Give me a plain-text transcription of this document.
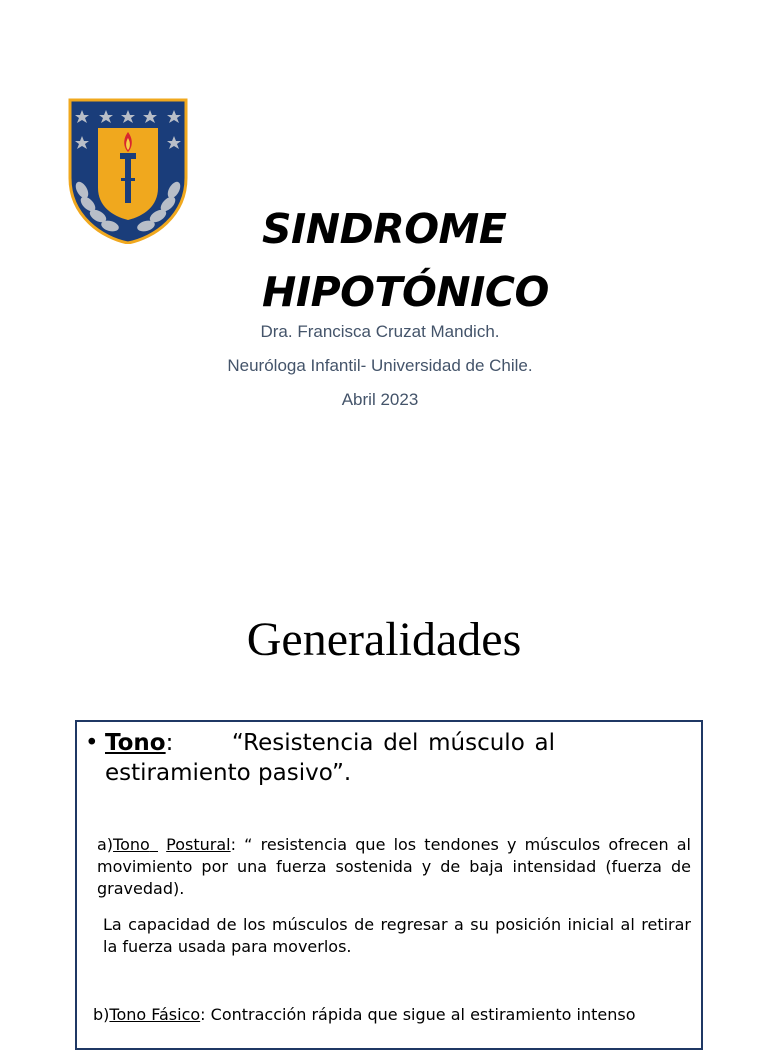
SINDROME
HIPOTÓNICO
Dra. Francisca Cruzat Mandich.
Neuróloga Infantil- Universidad de Chile.
Abril 2023
Generalidades
• Tono:	“Resistencia del músculo al estiramiento pasivo”.
a)Tono Postural: “ resistencia que los tendones y músculos ofrecen al movimiento por una fuerza sostenida y de baja intensidad (fuerza de gravedad).
La capacidad de los músculos de regresar a su posición inicial al retirar la fuerza usada para moverlos.
b)Tono Fásico: Contracción rápida que sigue al estiramiento intenso
